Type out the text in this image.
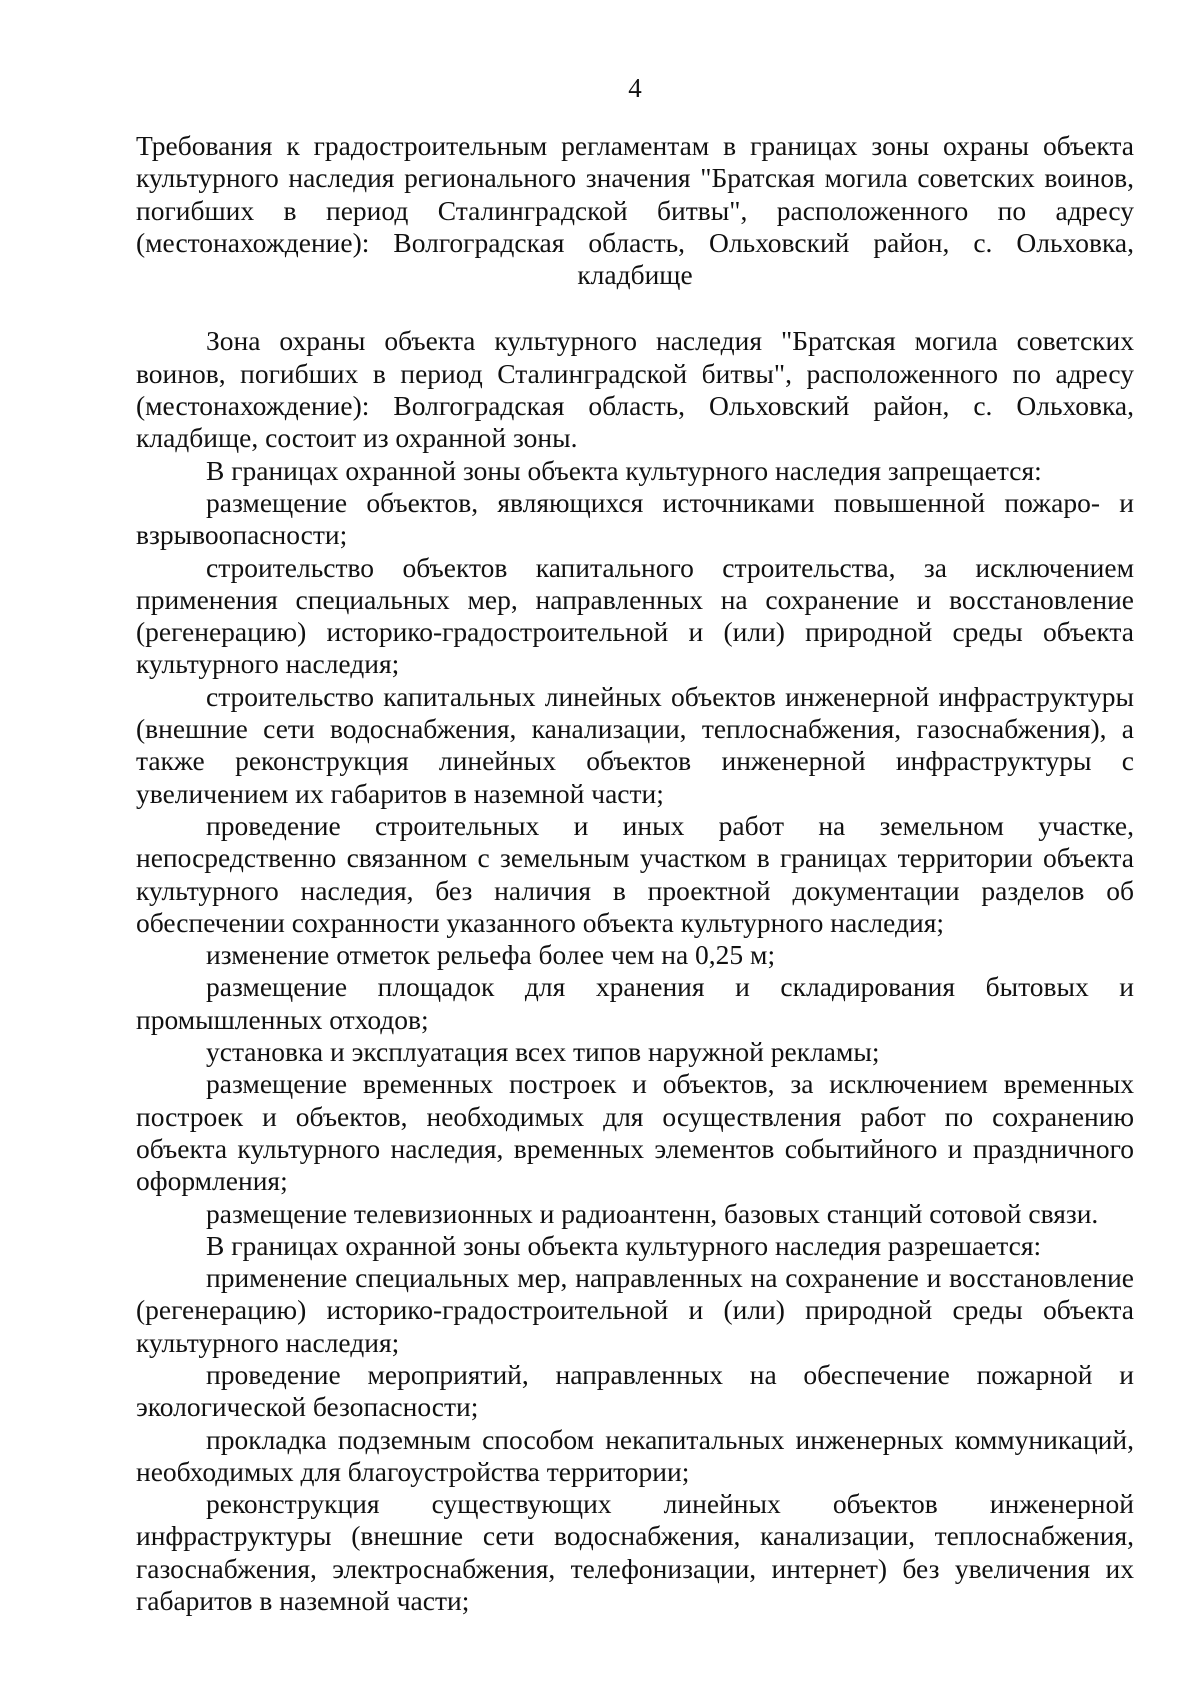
4
Требования к градостроительным регламентам в границах зоны охраны объекта культурного наследия регионального значения "Братская могила советских воинов, погибших в период Сталинградской битвы", расположенного по адресу (местонахождение): Волгоградская область, Ольховский район, с. Ольховка, кладбище

Зона охраны объекта культурного наследия "Братская могила советских воинов, погибших в период Сталинградской битвы", расположенного по адресу (местонахождение): Волгоградская область, Ольховский район, с. Ольховка, кладбище, состоит из охранной зоны.

В границах охранной зоны объекта культурного наследия запрещается:

размещение объектов, являющихся источниками повышенной пожаро- и взрывоопасности;

строительство объектов капитального строительства, за исключением применения специальных мер, направленных на сохранение и восстановление (регенерацию) историко-градостроительной и (или) природной среды объекта культурного наследия;

строительство капитальных линейных объектов инженерной инфраструктуры (внешние сети водоснабжения, канализации, теплоснабжения, газоснабжения), а также реконструкция линейных объектов инженерной инфраструктуры с увеличением их габаритов в наземной части;

проведение строительных и иных работ на земельном участке, непосредственно связанном с земельным участком в границах территории объекта культурного наследия, без наличия в проектной документации разделов об обеспечении сохранности указанного объекта культурного наследия;

изменение отметок рельефа более чем на 0,25 м;

размещение площадок для хранения и складирования бытовых и промышленных отходов;

установка и эксплуатация всех типов наружной рекламы;

размещение временных построек и объектов, за исключением временных построек и объектов, необходимых для осуществления работ по сохранению объекта культурного наследия, временных элементов событийного и праздничного оформления;

размещение телевизионных и радиоантенн, базовых станций сотовой связи.

В границах охранной зоны объекта культурного наследия разрешается:

применение специальных мер, направленных на сохранение и восстановление (регенерацию) историко-градостроительной и (или) природной среды объекта культурного наследия;

проведение мероприятий, направленных на обеспечение пожарной и экологической безопасности;

прокладка подземным способом некапитальных инженерных коммуникаций, необходимых для благоустройства территории;

реконструкция существующих линейных объектов инженерной инфраструктуры (внешние сети водоснабжения, канализации, теплоснабжения, газоснабжения, электроснабжения, телефонизации, интернет) без увеличения их габаритов в наземной части;
